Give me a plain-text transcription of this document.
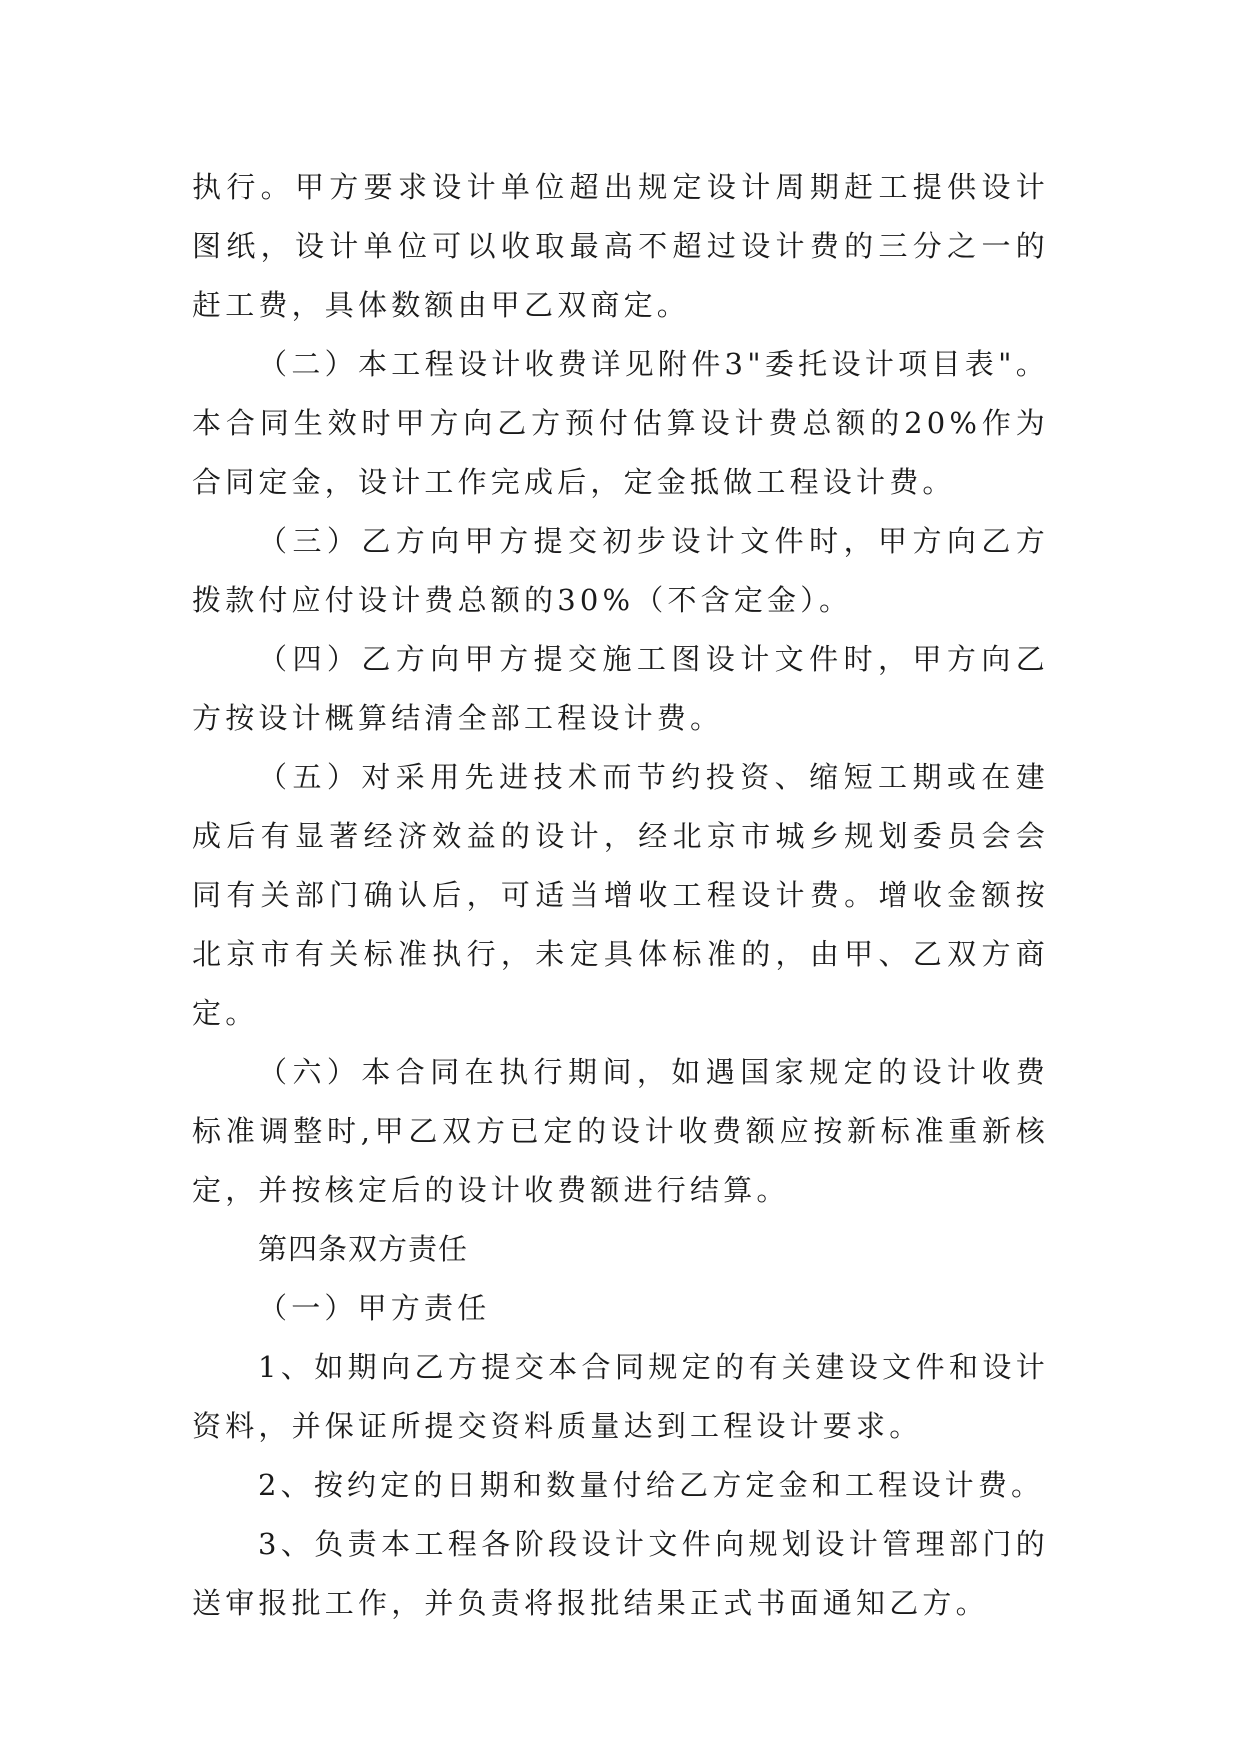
执行。甲方要求设计单位超出规定设计周期赶工提供设计图纸，设计单位可以收取最高不超过设计费的三分之一的赶工费，具体数额由甲乙双商定。

（二）本工程设计收费详见附件3"委托设计项目表"。本合同生效时甲方向乙方预付估算设计费总额的20%作为合同定金，设计工作完成后，定金抵做工程设计费。

（三）乙方向甲方提交初步设计文件时，甲方向乙方拨款付应付设计费总额的30%（不含定金）。

（四）乙方向甲方提交施工图设计文件时，甲方向乙方按设计概算结清全部工程设计费。

（五）对采用先进技术而节约投资、缩短工期或在建成后有显著经济效益的设计，经北京市城乡规划委员会会同有关部门确认后，可适当增收工程设计费。增收金额按北京市有关标准执行，未定具体标准的，由甲、乙双方商定。

（六）本合同在执行期间，如遇国家规定的设计收费标准调整时,甲乙双方已定的设计收费额应按新标准重新核定，并按核定后的设计收费额进行结算。

第四条双方责任

（一）甲方责任

1、如期向乙方提交本合同规定的有关建设文件和设计资料，并保证所提交资料质量达到工程设计要求。

2、按约定的日期和数量付给乙方定金和工程设计费。

3、负责本工程各阶段设计文件向规划设计管理部门的送审报批工作，并负责将报批结果正式书面通知乙方。
